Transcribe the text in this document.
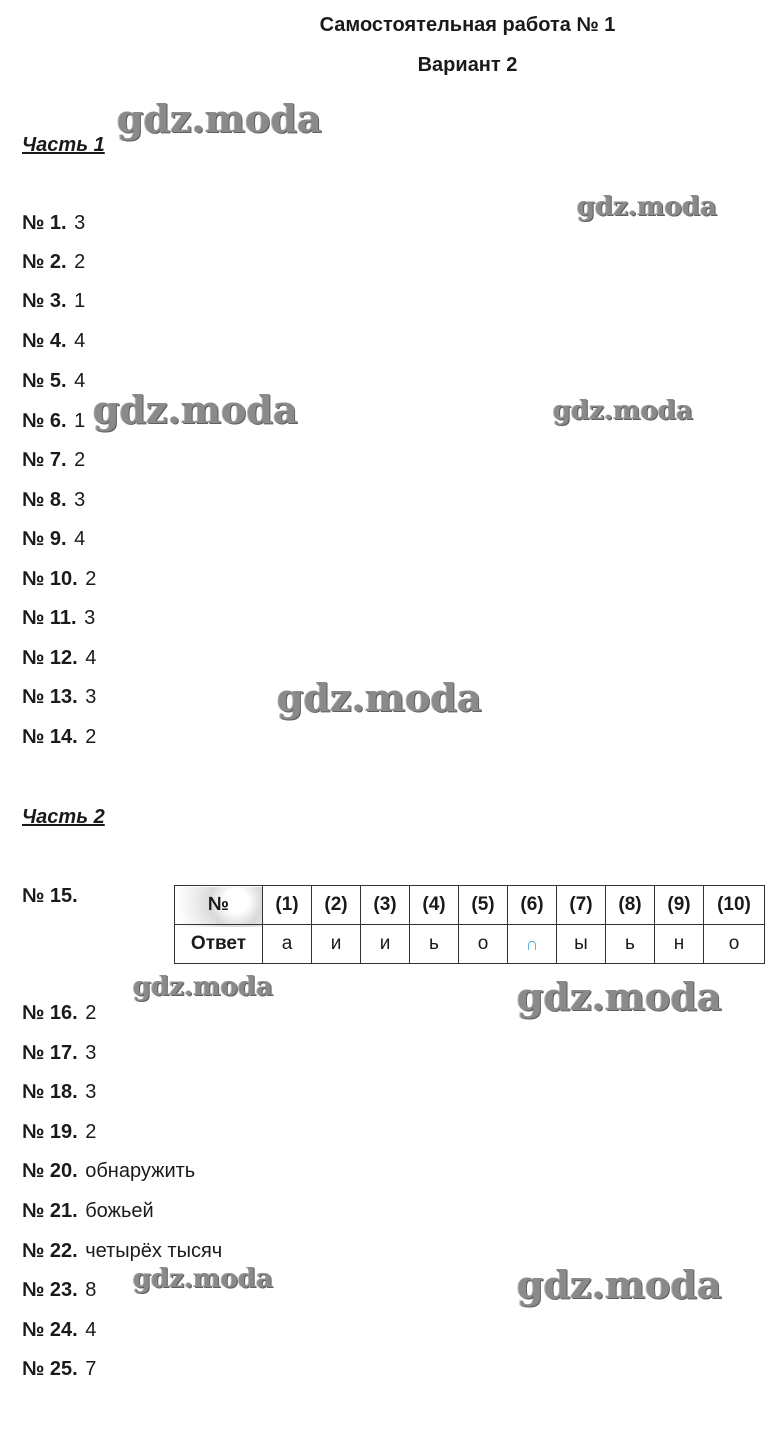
Самостоятельная работа № 1
Вариант 2
Часть 1
№ 1. 3
№ 2. 2
№ 3. 1
№ 4. 4
№ 5. 4
№ 6. 1
№ 7. 2
№ 8. 3
№ 9. 4
№ 10. 2
№ 11. 3
№ 12. 4
№ 13. 3
№ 14. 2
Часть 2
№ 15.	№	(1)	(2)	(3)	(4)	(5)	(6)	(7)	(8)	(9)	(10)
Ответ	а	и	и	ь	о	∩	ы	ь	н	о
№ 16. 2
№ 17. 3
№ 18. 3
№ 19. 2
№ 20. обнаружить
№ 21. божьей
№ 22. четырёх тысяч
№ 23. 8
№ 24. 4
№ 25. 7
gdz.moda
gdz.moda
gdz.moda	gdz.moda
gdz.moda
gdz.moda	gdz.moda
gdz.moda	gdz.moda
